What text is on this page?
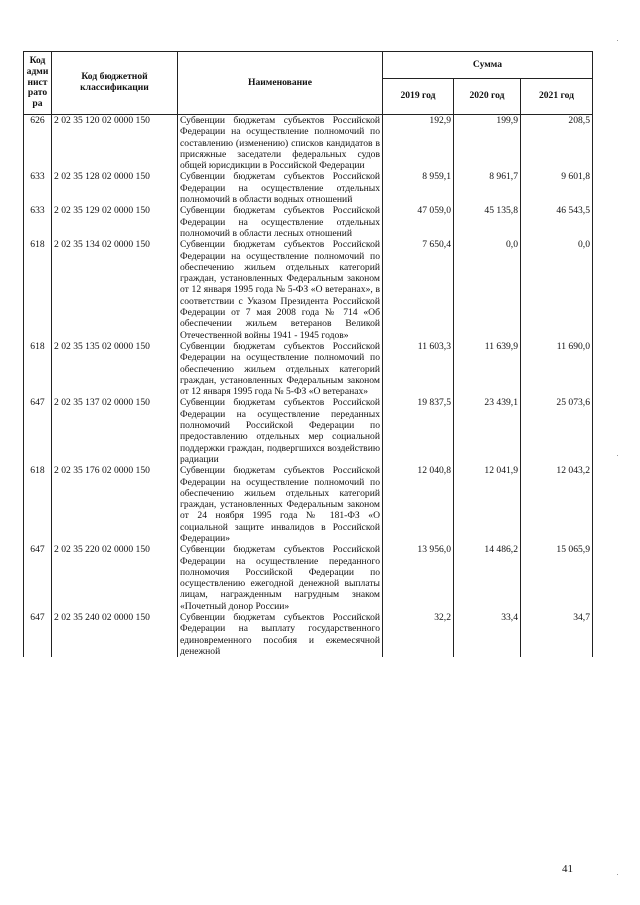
Код адми нист рато ра	Код бюджетной классификации	Наименование	Сумма		
			2019 год	2020 год	2021 год
626	2 02 35 120 02 0000 150	Субвенции бюджетам субъектов Российской Федерации на осуществление полномочий по составлению (изменению) списков кандидатов в присяжные заседатели федеральных судов общей юрисдикции в Российской Федерации	192,9	199,9	208,5
633	2 02 35 128 02 0000 150	Субвенции бюджетам субъектов Российской Федерации на осуществление отдельных полномочий в области водных отношений	8 959,1	8 961,7	9 601,8
633	2 02 35 129 02 0000 150	Субвенции бюджетам субъектов Российской Федерации на осуществление отдельных полномочий в области лесных отношений	47 059,0	45 135,8	46 543,5
618	2 02 35 134 02 0000 150	Субвенции бюджетам субъектов Российской Федерации на осуществление полномочий по обеспечению жильем отдельных категорий граждан, установленных Федеральным законом от 12 января 1995 года № 5-ФЗ «О ветеранах», в соответствии с Указом Президента Российской Федерации от 7 мая 2008 года № 714 «Об обеспечении жильем ветеранов Великой Отечественной войны 1941 - 1945 годов»	7 650,4	0,0	0,0
618	2 02 35 135 02 0000 150	Субвенции бюджетам субъектов Российской Федерации на осуществление полномочий по обеспечению жильем отдельных категорий граждан, установленных Федеральным законом от 12 января 1995 года № 5-ФЗ «О ветеранах»	11 603,3	11 639,9	11 690,0
647	2 02 35 137 02 0000 150	Субвенции бюджетам субъектов Российской Федерации на осуществление переданных полномочий Российской Федерации по предоставлению отдельных мер социальной поддержки граждан, подвергшихся воздействию радиации	19 837,5	23 439,1	25 073,6
618	2 02 35 176 02 0000 150	Субвенции бюджетам субъектов Российской Федерации на осуществление полномочий по обеспечению жильем отдельных категорий граждан, установленных Федеральным законом от 24 ноября 1995 года № 181-ФЗ «О социальной защите инвалидов в Российской Федерации»	12 040,8	12 041,9	12 043,2
647	2 02 35 220 02 0000 150	Субвенции бюджетам субъектов Российской Федерации на осуществление переданного полномочия Российской Федерации по осуществлению ежегодной денежной выплаты лицам, награжденным нагрудным знаком «Почетный донор России»	13 956,0	14 486,2	15 065,9
647	2 02 35 240 02 0000 150	Субвенции бюджетам субъектов Российской Федерации на выплату государственного единовременного пособия и ежемесячной денежной	32,2	33,4	34,7
41
